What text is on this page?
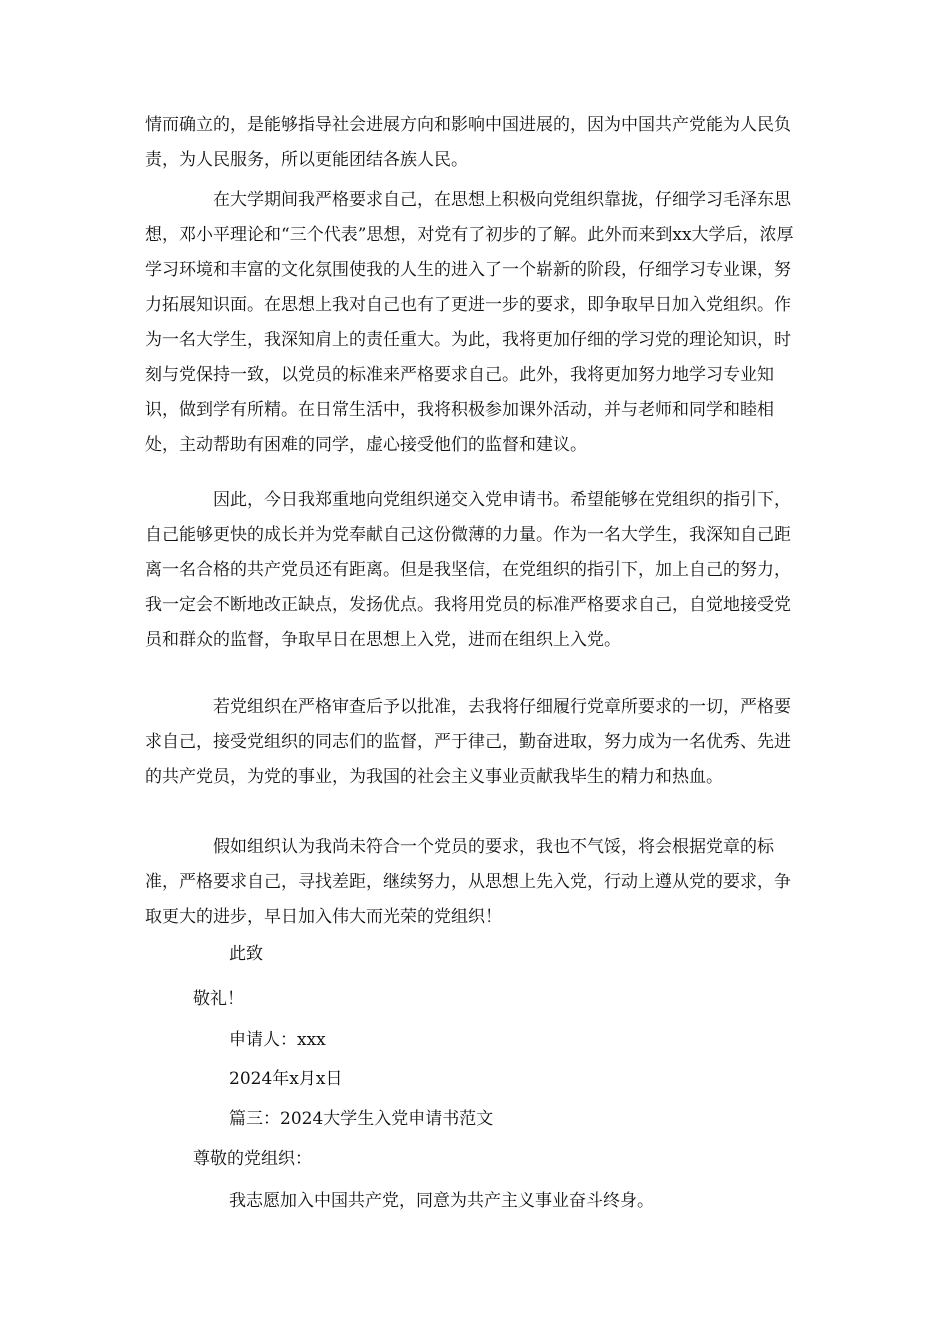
情而确立的，是能够指导社会进展方向和影响中国进展的，因为中国共产党能为人民负责，为人民服务，所以更能团结各族人民。

　　　　在大学期间我严格要求自己，在思想上积极向党组织靠拢，仔细学习毛泽东思想，邓小平理论和“三个代表”思想，对党有了初步的了解。此外而来到xx大学后，浓厚学习环境和丰富的文化氛围使我的人生的进入了一个崭新的阶段，仔细学习专业课，努力拓展知识面。在思想上我对自己也有了更进一步的要求，即争取早日加入党组织。作为一名大学生，我深知肩上的责任重大。为此，我将更加仔细的学习党的理论知识，时刻与党保持一致，以党员的标准来严格要求自己。此外，我将更加努力地学习专业知识，做到学有所精。在日常生活中，我将积极参加课外活动，并与老师和同学和睦相处，主动帮助有困难的同学，虚心接受他们的监督和建议。

　　　　因此，今日我郑重地向党组织递交入党申请书。希望能够在党组织的指引下，自己能够更快的成长并为党奉献自己这份微薄的力量。作为一名大学生，我深知自己距离一名合格的共产党员还有距离。但是我坚信，在党组织的指引下，加上自己的努力，我一定会不断地改正缺点，发扬优点。我将用党员的标准严格要求自己，自觉地接受党员和群众的监督，争取早日在思想上入党，进而在组织上入党。

　　　　若党组织在严格审查后予以批准，去我将仔细履行党章所要求的一切，严格要求自己，接受党组织的同志们的监督，严于律己，勤奋进取，努力成为一名优秀、先进的共产党员，为党的事业，为我国的社会主义事业贡献我毕生的精力和热血。

　　　　假如组织认为我尚未符合一个党员的要求，我也不气馁，将会根据党章的标准，严格要求自己，寻找差距，继续努力，从思想上先入党，行动上遵从党的要求，争取更大的进步，早日加入伟大而光荣的党组织！

此致

敬礼！

申请人：xxx

2024年x月x日

篇三：2024大学生入党申请书范文

尊敬的党组织：

我志愿加入中国共产党，同意为共产主义事业奋斗终身。
